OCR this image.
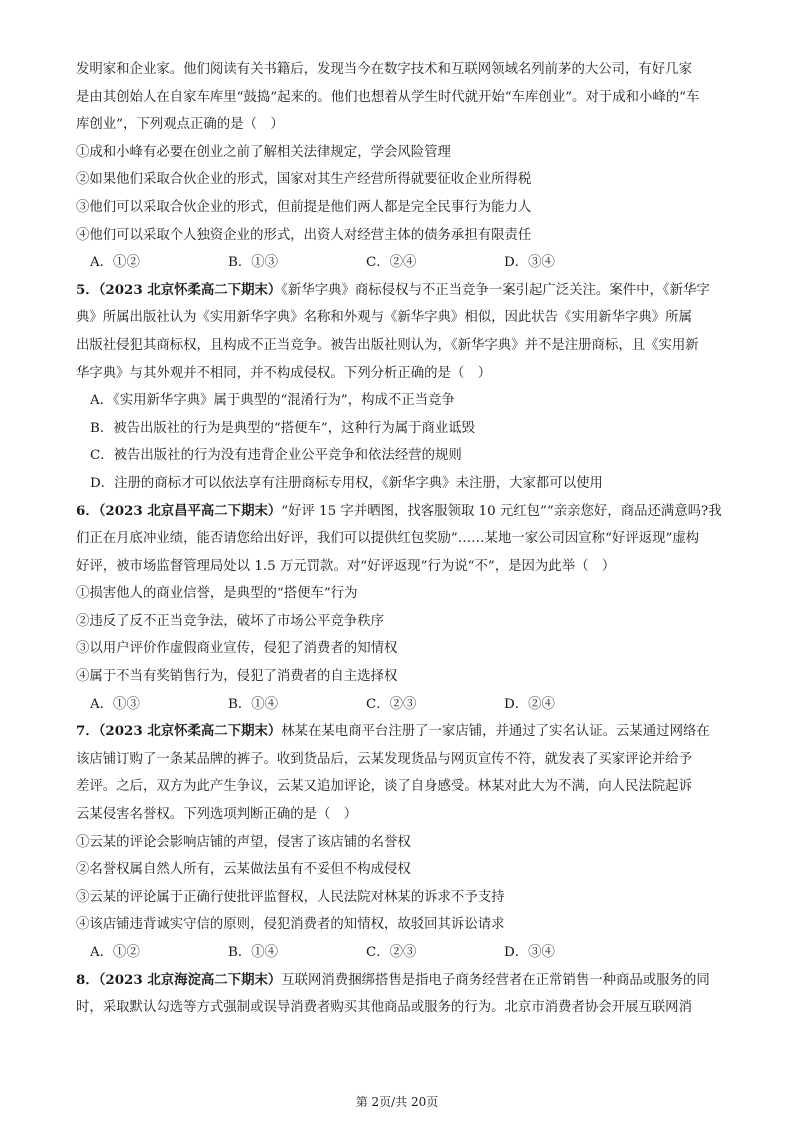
发明家和企业家。他们阅读有关书籍后，发现当今在数字技术和互联网领域名列前茅的大公司，有好几家

是由其创始人在自家车库里“鼓捣”起来的。他们也想着从学生时代就开始“车库创业”。对于成和小峰的“车

库创业”，下列观点正确的是（　）

①成和小峰有必要在创业之前了解相关法律规定，学会风险管理

②如果他们采取合伙企业的形式，国家对其生产经营所得就要征收企业所得税

③他们可以采取合伙企业的形式，但前提是他们两人都是完全民事行为能力人

④他们可以采取个人独资企业的形式，出资人对经营主体的债务承担有限责任

A．①②	B．①③	C．②④	D．③④

5．（2023 北京怀柔高二下期末）《新华字典》商标侵权与不正当竞争一案引起广泛关注。案件中，《新华字

典》所属出版社认为《实用新华字典》名称和外观与《新华字典》相似，因此状告《实用新华字典》所属

出版社侵犯其商标权，且构成不正当竞争。被告出版社则认为，《新华字典》并不是注册商标，且《实用新

华字典》与其外观并不相同，并不构成侵权。下列分析正确的是（　）

A．《实用新华字典》属于典型的“混淆行为”，构成不正当竞争

B．被告出版社的行为是典型的“搭便车”，这种行为属于商业诋毁

C．被告出版社的行为没有违背企业公平竞争和依法经营的规则

D．注册的商标才可以依法享有注册商标专用权，《新华字典》未注册，大家都可以使用

6．（2023 北京昌平高二下期末）“好评 15 字并晒图，找客服领取 10 元红包”“亲亲您好，商品还满意吗?我

们正在月底冲业绩，能否请您给出好评，我们可以提供红包奖励”……某地一家公司因宣称“好评返现”虚构

好评，被市场监督管理局处以 1.5 万元罚款。对“好评返现”行为说“不”，是因为此举（　）

①损害他人的商业信誉，是典型的“搭便车”行为

②违反了反不正当竞争法，破坏了市场公平竞争秩序

③以用户评价作虚假商业宣传，侵犯了消费者的知情权

④属于不当有奖销售行为，侵犯了消费者的自主选择权

A．①③	B．①④	C．②③	D．②④

7．（2023 北京怀柔高二下期末）林某在某电商平台注册了一家店铺，并通过了实名认证。云某通过网络在

该店铺订购了一条某品牌的裤子。收到货品后，云某发现货品与网页宣传不符，就发表了买家评论并给予

差评。之后，双方为此产生争议，云某又追加评论，谈了自身感受。林某对此大为不满，向人民法院起诉

云某侵害名誉权。下列选项判断正确的是（　）

①云某的评论会影响店铺的声望，侵害了该店铺的名誉权

②名誉权属自然人所有，云某做法虽有不妥但不构成侵权

③云某的评论属于正确行使批评监督权，人民法院对林某的诉求不予支持

④该店铺违背诚实守信的原则，侵犯消费者的知情权，故驳回其诉讼请求

A．①②	B．①④	C．②③	D．③④

8．（2023 北京海淀高二下期末）互联网消费捆绑搭售是指电子商务经营者在正常销售一种商品或服务的同

时，采取默认勾选等方式强制或误导消费者购买其他商品或服务的行为。北京市消费者协会开展互联网消

第 2页/共 20页
